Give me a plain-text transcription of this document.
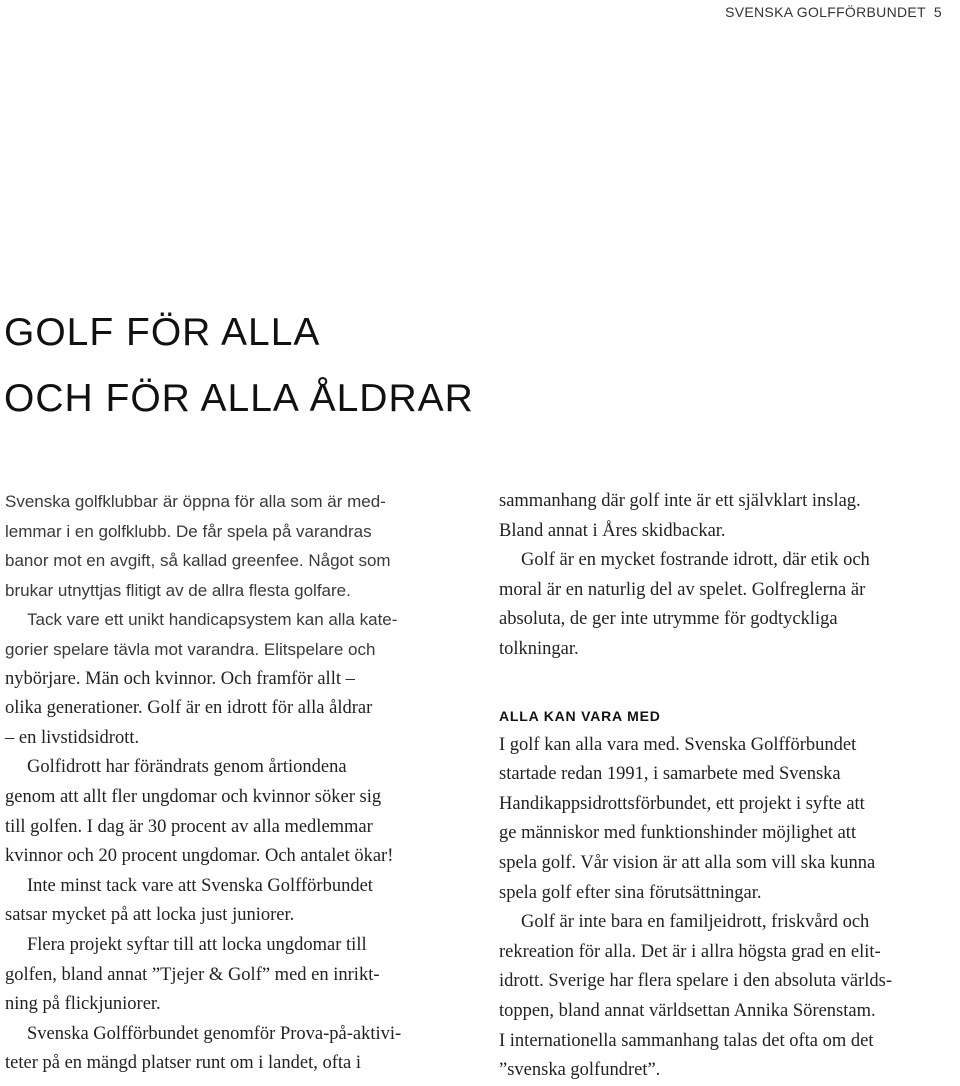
SVENSKA GOLFFÖRBUNDET 5
GOLF FÖR ALLA
OCH FÖR ALLA ÅLDRAR

Svenska golfklubbar är öppna för alla som är med-
lemmar i en golfklubb. De får spela på varandras
banor mot en avgift, så kallad greenfee. Något som
brukar utnyttjas flitigt av de allra flesta golfare.

Tack vare ett unikt handicapsystem kan alla kate-
gorier spelare tävla mot varandra. Elitspelare och
nybörjare. Män och kvinnor. Och framför allt –
olika generationer. Golf är en idrott för alla åldrar
– en livstidsidrott.

Golfidrott har förändrats genom årtiondena
genom att allt fler ungdomar och kvinnor söker sig
till golfen. I dag är 30 procent av alla medlemmar
kvinnor och 20 procent ungdomar. Och antalet ökar!

Inte minst tack vare att Svenska Golfförbundet
satsar mycket på att locka just juniorer.

Flera projekt syftar till att locka ungdomar till
golfen, bland annat ”Tjejer & Golf” med en inrikt-
ning på flickjuniorer.

Svenska Golfförbundet genomför Prova-på-aktivi-
teter på en mängd platser runt om i landet, ofta i

sammanhang där golf inte är ett självklart inslag.
Bland annat i Åres skidbackar.

Golf är en mycket fostrande idrott, där etik och
moral är en naturlig del av spelet. Golfreglerna är
absoluta, de ger inte utrymme för godtyckliga
tolkningar.

ALLA KAN VARA MED

I golf kan alla vara med. Svenska Golfförbundet
startade redan 1991, i samarbete med Svenska
Handikappsidrottsförbundet, ett projekt i syfte att
ge människor med funktionshinder möjlighet att
spela golf. Vår vision är att alla som vill ska kunna
spela golf efter sina förutsättningar.

Golf är inte bara en familjeidrott, friskvård och
rekreation för alla. Det är i allra högsta grad en elit-
idrott. Sverige har flera spelare i den absoluta världs-
toppen, bland annat världsettan Annika Sörenstam.
I internationella sammanhang talas det ofta om det
”svenska golfundret”.
